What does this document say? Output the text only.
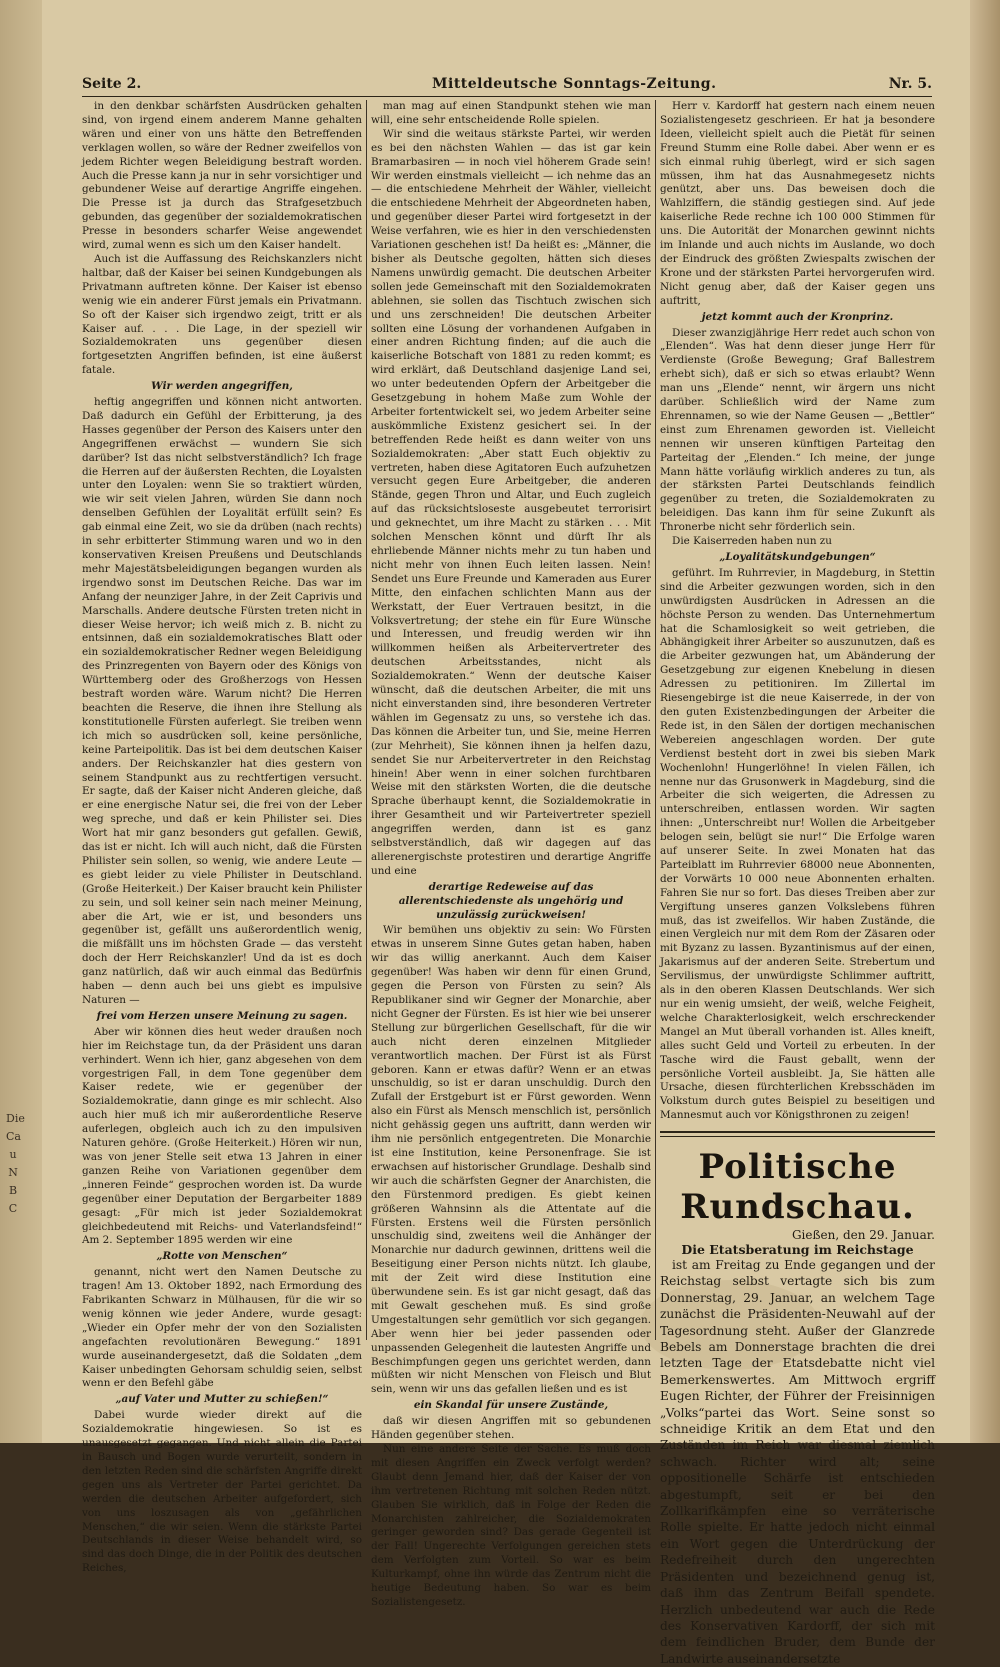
Die Ca u N B C
Seite 2.	Mitteldeutsche Sonntags-Zeitung.	Nr. 5.

in den denkbar schärfsten Ausdrücken gehalten sind, von irgend einem anderem Manne gehalten wären und einer von uns hätte den Betreffenden verklagen wollen, so wäre der Redner zweifellos von jedem Richter wegen Beleidigung bestraft worden. Auch die Presse kann ja nur in sehr vorsichtiger und gebundener Weise auf derartige Angriffe eingehen. Die Presse ist ja durch das Strafgesetzbuch gebunden, das gegenüber der sozialdemokratischen Presse in besonders scharfer Weise angewendet wird, zumal wenn es sich um den Kaiser handelt.

Auch ist die Auffassung des Reichskanzlers nicht haltbar, daß der Kaiser bei seinen Kundgebungen als Privatmann auftreten könne. Der Kaiser ist ebenso wenig wie ein anderer Fürst jemals ein Privatmann. So oft der Kaiser sich irgendwo zeigt, tritt er als Kaiser auf. . . . Die Lage, in der speziell wir Sozialdemokraten uns gegenüber diesen fortgesetzten Angriffen befinden, ist eine äußerst fatale.

Wir werden angegriffen,

heftig angegriffen und können nicht antworten. Daß dadurch ein Gefühl der Erbitterung, ja des Hasses gegenüber der Person des Kaisers unter den Angegriffenen erwächst — wundern Sie sich darüber? Ist das nicht selbstverständlich? Ich frage die Herren auf der äußersten Rechten, die Loyalsten unter den Loyalen: wenn Sie so traktiert würden, wie wir seit vielen Jahren, würden Sie dann noch denselben Gefühlen der Loyalität erfüllt sein? Es gab einmal eine Zeit, wo sie da drüben (nach rechts) in sehr erbitterter Stimmung waren und wo in den konservativen Kreisen Preußens und Deutschlands mehr Majestätsbeleidigungen begangen wurden als irgendwo sonst im Deutschen Reiche. Das war im Anfang der neunziger Jahre, in der Zeit Caprivis und Marschalls. Andere deutsche Fürsten treten nicht in dieser Weise hervor; ich weiß mich z. B. nicht zu entsinnen, daß ein sozialdemokratisches Blatt oder ein sozialdemokratischer Redner wegen Beleidigung des Prinzregenten von Bayern oder des Königs von Württemberg oder des Großherzogs von Hessen bestraft worden wäre. Warum nicht? Die Herren beachten die Reserve, die ihnen ihre Stellung als konstitutionelle Fürsten auferlegt. Sie treiben wenn ich mich so ausdrücken soll, keine persönliche, keine Parteipolitik. Das ist bei dem deutschen Kaiser anders. Der Reichskanzler hat dies gestern von seinem Standpunkt aus zu rechtfertigen versucht. Er sagte, daß der Kaiser nicht Anderen gleiche, daß er eine energische Natur sei, die frei von der Leber weg spreche, und daß er kein Philister sei. Dies Wort hat mir ganz besonders gut gefallen. Gewiß, das ist er nicht. Ich will auch nicht, daß die Fürsten Philister sein sollen, so wenig, wie andere Leute — es giebt leider zu viele Philister in Deutschland. (Große Heiterkeit.) Der Kaiser braucht kein Philister zu sein, und soll keiner sein nach meiner Meinung, aber die Art, wie er ist, und besonders uns gegenüber ist, gefällt uns außerordentlich wenig, die mißfällt uns im höchsten Grade — das versteht doch der Herr Reichskanzler! Und da ist es doch ganz natürlich, daß wir auch einmal das Bedürfnis haben — denn auch bei uns giebt es impulsive Naturen —

frei vom Herzen unsere Meinung zu sagen.

Aber wir können dies heut weder draußen noch hier im Reichstage tun, da der Präsident uns daran verhindert. Wenn ich hier, ganz abgesehen von dem vorgestrigen Fall, in dem Tone gegenüber dem Kaiser redete, wie er gegenüber der Sozialdemokratie, dann ginge es mir schlecht. Also auch hier muß ich mir außerordentliche Reserve auferlegen, obgleich auch ich zu den impulsiven Naturen gehöre. (Große Heiterkeit.) Hören wir nun, was von jener Stelle seit etwa 13 Jahren in einer ganzen Reihe von Variationen gegenüber dem „inneren Feinde“ gesprochen worden ist. Da wurde gegenüber einer Deputation der Bergarbeiter 1889 gesagt: „Für mich ist jeder Sozialdemokrat gleichbedeutend mit Reichs- und Vaterlandsfeind!“ Am 2. September 1895 werden wir eine

„Rotte von Menschen“

genannt, nicht wert den Namen Deutsche zu tragen! Am 13. Oktober 1892, nach Ermordung des Fabrikanten Schwarz in Mülhausen, für die wir so wenig können wie jeder Andere, wurde gesagt: „Wieder ein Opfer mehr der von den Sozialisten angefachten revolutionären Bewegung.“ 1891 wurde auseinandergesetzt, daß die Soldaten „dem Kaiser unbedingten Gehorsam schuldig seien, selbst wenn er den Befehl gäbe

„auf Vater und Mutter zu schießen!“

Dabei wurde wieder direkt auf die Sozialdemokratie hingewiesen. So ist es unausgesetzt gegangen. Und nicht allein die Partei in Bausch und Bogen wurde verurteilt, sondern in den letzten Reden sind die schärfsten Angriffe direkt gegen uns als Vertreter der Partei gerichtet. Da werden die deutschen Arbeiter aufgefordert, sich von uns loszusagen als von „gefährlichen Menschen,“ die wir seien. Wenn die stärkste Partei Deutschlands in dieser Weise behandelt wird, so sind das doch Dinge, die in der Politik des deutschen Reiches,

man mag auf einen Standpunkt stehen wie man will, eine sehr entscheidende Rolle spielen.

Wir sind die weitaus stärkste Partei, wir werden es bei den nächsten Wahlen — das ist gar kein Bramarbasiren — in noch viel höherem Grade sein! Wir werden einstmals vielleicht — ich nehme das an — die entschiedene Mehrheit der Wähler, vielleicht die entschiedene Mehrheit der Abgeordneten haben, und gegenüber dieser Partei wird fortgesetzt in der Weise verfahren, wie es hier in den verschiedensten Variationen geschehen ist! Da heißt es: „Männer, die bisher als Deutsche gegolten, hätten sich dieses Namens unwürdig gemacht. Die deutschen Arbeiter sollen jede Gemeinschaft mit den Sozialdemokraten ablehnen, sie sollen das Tischtuch zwischen sich und uns zerschneiden! Die deutschen Arbeiter sollten eine Lösung der vorhandenen Aufgaben in einer andren Richtung finden; auf die auch die kaiserliche Botschaft von 1881 zu reden kommt; es wird erklärt, daß Deutschland dasjenige Land sei, wo unter bedeutenden Opfern der Arbeitgeber die Gesetzgebung in hohem Maße zum Wohle der Arbeiter fortentwickelt sei, wo jedem Arbeiter seine auskömmliche Existenz gesichert sei. In der betreffenden Rede heißt es dann weiter von uns Sozialdemokraten: „Aber statt Euch objektiv zu vertreten, haben diese Agitatoren Euch aufzuhetzen versucht gegen Eure Arbeitgeber, die anderen Stände, gegen Thron und Altar, und Euch zugleich auf das rücksichtsloseste ausgebeutet terrorisirt und geknechtet, um ihre Macht zu stärken . . . Mit solchen Menschen könnt und dürft Ihr als ehrliebende Männer nichts mehr zu tun haben und nicht mehr von ihnen Euch leiten lassen. Nein! Sendet uns Eure Freunde und Kameraden aus Eurer Mitte, den einfachen schlichten Mann aus der Werkstatt, der Euer Vertrauen besitzt, in die Volksvertretung; der stehe ein für Eure Wünsche und Interessen, und freudig werden wir ihn willkommen heißen als Arbeitervertreter des deutschen Arbeitsstandes, nicht als Sozialdemokraten.“ Wenn der deutsche Kaiser wünscht, daß die deutschen Arbeiter, die mit uns nicht einverstanden sind, ihre besonderen Vertreter wählen im Gegensatz zu uns, so verstehe ich das. Das können die Arbeiter tun, und Sie, meine Herren (zur Mehrheit), Sie können ihnen ja helfen dazu, sendet Sie nur Arbeitervertreter in den Reichstag hinein! Aber wenn in einer solchen furchtbaren Weise mit den stärksten Worten, die die deutsche Sprache überhaupt kennt, die Sozialdemokratie in ihrer Gesamtheit und wir Parteivertreter speziell angegriffen werden, dann ist es ganz selbstverständlich, daß wir dagegen auf das allerenergischste protestiren und derartige Angriffe und eine

derartige Redeweise auf das allerentschiedenste als ungehörig und unzulässig zurückweisen!

Wir bemühen uns objektiv zu sein: Wo Fürsten etwas in unserem Sinne Gutes getan haben, haben wir das willig anerkannt. Auch dem Kaiser gegenüber! Was haben wir denn für einen Grund, gegen die Person von Fürsten zu sein? Als Republikaner sind wir Gegner der Monarchie, aber nicht Gegner der Fürsten. Es ist hier wie bei unserer Stellung zur bürgerlichen Gesellschaft, für die wir auch nicht deren einzelnen Mitglieder verantwortlich machen. Der Fürst ist als Fürst geboren. Kann er etwas dafür? Wenn er an etwas unschuldig, so ist er daran unschuldig. Durch den Zufall der Erstgeburt ist er Fürst geworden. Wenn also ein Fürst als Mensch menschlich ist, persönlich nicht gehässig gegen uns auftritt, dann werden wir ihm nie persönlich entgegentreten. Die Monarchie ist eine Institution, keine Personenfrage. Sie ist erwachsen auf historischer Grundlage. Deshalb sind wir auch die schärfsten Gegner der Anarchisten, die den Fürstenmord predigen. Es giebt keinen größeren Wahnsinn als die Attentate auf die Fürsten. Erstens weil die Fürsten persönlich unschuldig sind, zweitens weil die Anhänger der Monarchie nur dadurch gewinnen, drittens weil die Beseitigung einer Person nichts nützt. Ich glaube, mit der Zeit wird diese Institution eine überwundene sein. Es ist gar nicht gesagt, daß das mit Gewalt geschehen muß. Es sind große Umgestaltungen sehr gemütlich vor sich gegangen. Aber wenn hier bei jeder passenden oder unpassenden Gelegenheit die lautesten Angriffe und Beschimpfungen gegen uns gerichtet werden, dann müßten wir nicht Menschen von Fleisch und Blut sein, wenn wir uns das gefallen ließen und es ist

ein Skandal für unsere Zustände,

daß wir diesen Angriffen mit so gebundenen Händen gegenüber stehen.

Nun eine andere Seite der Sache. Es muß doch mit diesen Angriffen ein Zweck verfolgt werden? Glaubt denn Jemand hier, daß der Kaiser der von ihm vertretenen Richtung mit solchen Reden nützt. Glauben Sie wirklich, daß in Folge der Reden die Monarchisten zahlreicher, die Sozialdemokraten geringer geworden sind? Das gerade Gegenteil ist der Fall! Ungerechte Verfolgungen gereichen stets dem Verfolgten zum Vorteil. So war es beim Kulturkampf, ohne ihn würde das Zentrum nicht die heutige Bedeutung haben. So war es beim Sozialistengesetz.

Herr v. Kardorff hat gestern nach einem neuen Sozialistengesetz geschrieen. Er hat ja besondere Ideen, vielleicht spielt auch die Pietät für seinen Freund Stumm eine Rolle dabei. Aber wenn er es sich einmal ruhig überlegt, wird er sich sagen müssen, ihm hat das Ausnahmegesetz nichts genützt, aber uns. Das beweisen doch die Wahlziffern, die ständig gestiegen sind. Auf jede kaiserliche Rede rechne ich 100 000 Stimmen für uns. Die Autorität der Monarchen gewinnt nichts im Inlande und auch nichts im Auslande, wo doch der Eindruck des größten Zwiespalts zwischen der Krone und der stärksten Partei hervorgerufen wird. Nicht genug aber, daß der Kaiser gegen uns auftritt,

jetzt kommt auch der Kronprinz.

Dieser zwanzigjährige Herr redet auch schon von „Elenden“. Was hat denn dieser junge Herr für Verdienste (Große Bewegung; Graf Ballestrem erhebt sich), daß er sich so etwas erlaubt? Wenn man uns „Elende“ nennt, wir ärgern uns nicht darüber. Schließlich wird der Name zum Ehrennamen, so wie der Name Geusen — „Bettler“ einst zum Ehrenamen geworden ist. Vielleicht nennen wir unseren künftigen Parteitag den Parteitag der „Elenden.“ Ich meine, der junge Mann hätte vorläufig wirklich anderes zu tun, als der stärksten Partei Deutschlands feindlich gegenüber zu treten, die Sozialdemokraten zu beleidigen. Das kann ihm für seine Zukunft als Thronerbe nicht sehr förderlich sein.

Die Kaiserreden haben nun zu

„Loyalitätskundgebungen“

geführt. Im Ruhrrevier, in Magdeburg, in Stettin sind die Arbeiter gezwungen worden, sich in den unwürdigsten Ausdrücken in Adressen an die höchste Person zu wenden. Das Unternehmertum hat die Schamlosigkeit so weit getrieben, die Abhängigkeit ihrer Arbeiter so auszunutzen, daß es die Arbeiter gezwungen hat, um Abänderung der Gesetzgebung zur eigenen Knebelung in diesen Adressen zu petitioniren. Im Zillertal im Riesengebirge ist die neue Kaiserrede, in der von den guten Existenzbedingungen der Arbeiter die Rede ist, in den Sälen der dortigen mechanischen Webereien angeschlagen worden. Der gute Verdienst besteht dort in zwei bis sieben Mark Wochenlohn! Hungerlöhne! In vielen Fällen, ich nenne nur das Grusonwerk in Magdeburg, sind die Arbeiter die sich weigerten, die Adressen zu unterschreiben, entlassen worden. Wir sagten ihnen: „Unterschreibt nur! Wollen die Arbeitgeber belogen sein, belügt sie nur!“ Die Erfolge waren auf unserer Seite. In zwei Monaten hat das Parteiblatt im Ruhrrevier 68000 neue Abonnenten, der Vorwärts 10 000 neue Abonnenten erhalten. Fahren Sie nur so fort. Das dieses Treiben aber zur Vergiftung unseres ganzen Volkslebens führen muß, das ist zweifellos. Wir haben Zustände, die einen Vergleich nur mit dem Rom der Zäsaren oder mit Byzanz zu lassen. Byzantinismus auf der einen, Jakarismus auf der anderen Seite. Strebertum und Servilismus, der unwürdigste Schlimmer auftritt, als in den oberen Klassen Deutschlands. Wer sich nur ein wenig umsieht, der weiß, welche Feigheit, welche Charakterlosigkeit, welch erschreckender Mangel an Mut überall vorhanden ist. Alles kneift, alles sucht Geld und Vorteil zu erbeuten. In der Tasche wird die Faust geballt, wenn der persönliche Vorteil ausbleibt. Ja, Sie hätten alle Ursache, diesen fürchterlichen Krebsschäden im Volkstum durch gutes Beispiel zu beseitigen und Mannesmut auch vor Königsthronen zu zeigen!

Politische Rundschau.

Gießen, den 29. Januar.

Die Etatsberatung im Reichstage

ist am Freitag zu Ende gegangen und der Reichstag selbst vertagte sich bis zum Donnerstag, 29. Januar, an welchem Tage zunächst die Präsidenten-Neuwahl auf der Tagesordnung steht. Außer der Glanzrede Bebels am Donnerstage brachten die drei letzten Tage der Etatsdebatte nicht viel Bemerkenswertes. Am Mittwoch ergriff Eugen Richter, der Führer der Freisinnigen „Volks“partei das Wort. Seine sonst so schneidige Kritik an dem Etat und den Zuständen im Reich war diesmal ziemlich schwach. Richter wird alt; seine oppositionelle Schärfe ist entschieden abgestumpft, seit er bei den Zollkarifkämpfen eine so verräterische Rolle spielte. Er hatte jedoch nicht einmal ein Wort gegen die Unterdrückung der Redefreiheit durch den ungerechten Präsidenten und bezeichnend genug ist, daß ihm das Zentrum Beifall spendete. Herzlich unbedeutend war auch die Rede des Konservativen Kardorff, der sich mit dem feindlichen Bruder, dem Bunde der Landwirte auseinandersetzte
